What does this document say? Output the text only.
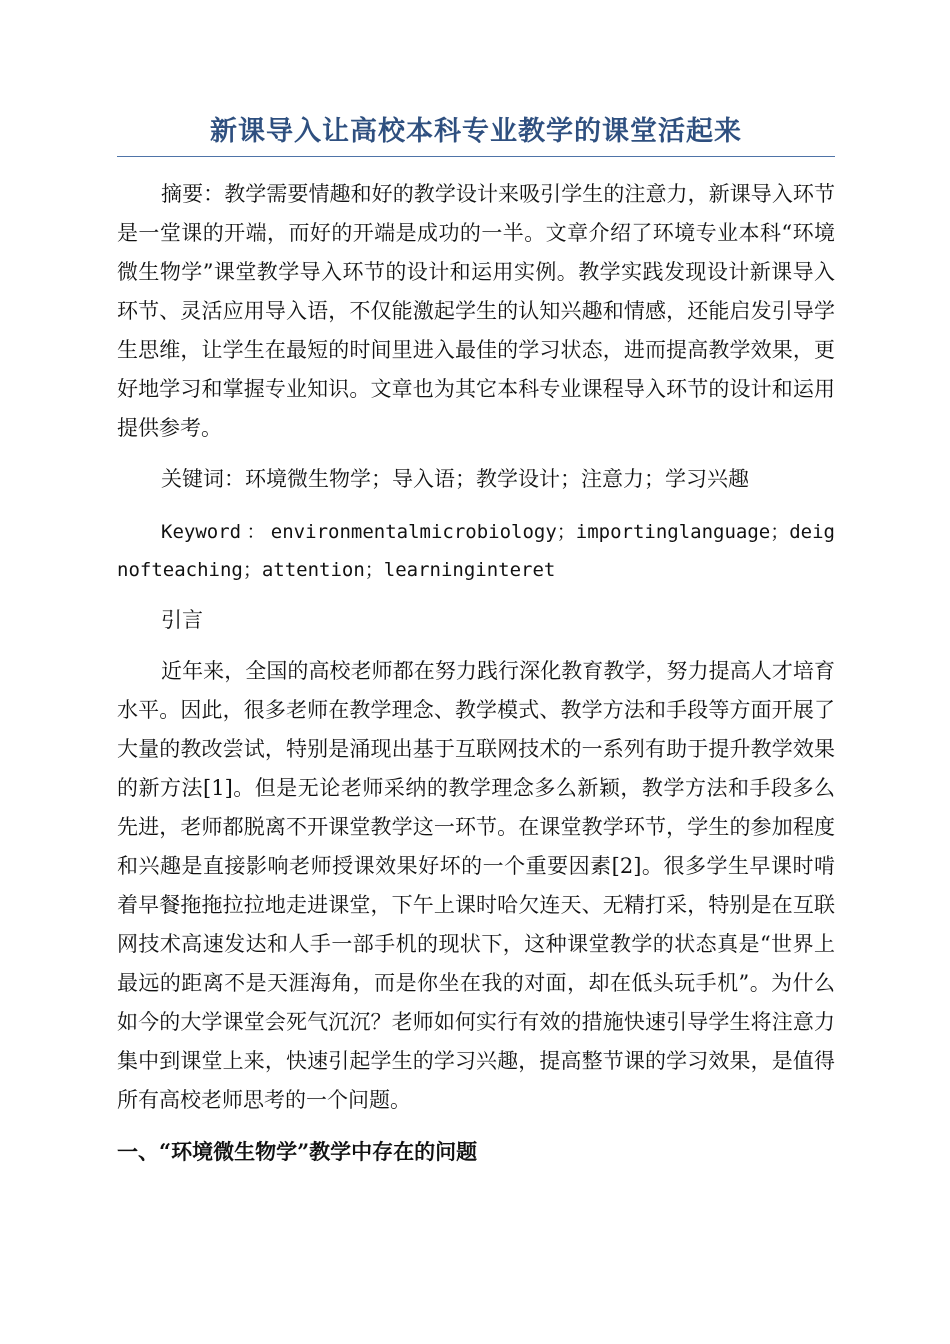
新课导入让高校本科专业教学的课堂活起来

摘要：教学需要情趣和好的教学设计来吸引学生的注意力，新课导入环节是一堂课的开端，而好的开端是成功的一半。文章介绍了环境专业本科“环境微生物学”课堂教学导入环节的设计和运用实例。教学实践发现设计新课导入环节、灵活应用导入语，不仅能激起学生的认知兴趣和情感，还能启发引导学生思维，让学生在最短的时间里进入最佳的学习状态，进而提高教学效果，更好地学习和掌握专业知识。文章也为其它本科专业课程导入环节的设计和运用提供参考。

关键词：环境微生物学；导入语；教学设计；注意力；学习兴趣

Keyword：environmentalmicrobiology；importinglanguage；deignofteaching；attention；learninginteret

引言

近年来，全国的高校老师都在努力践行深化教育教学，努力提高人才培育水平。因此，很多老师在教学理念、教学模式、教学方法和手段等方面开展了大量的教改尝试，特别是涌现出基于互联网技术的一系列有助于提升教学效果的新方法[1]。但是无论老师采纳的教学理念多么新颖，教学方法和手段多么先进，老师都脱离不开课堂教学这一环节。在课堂教学环节，学生的参加程度和兴趣是直接影响老师授课效果好坏的一个重要因素[2]。很多学生早课时啃着早餐拖拖拉拉地走进课堂，下午上课时哈欠连天、无精打采，特别是在互联网技术高速发达和人手一部手机的现状下，这种课堂教学的状态真是“世界上最远的距离不是天涯海角，而是你坐在我的对面，却在低头玩手机”。为什么如今的大学课堂会死气沉沉？老师如何实行有效的措施快速引导学生将注意力集中到课堂上来，快速引起学生的学习兴趣，提高整节课的学习效果，是值得所有高校老师思考的一个问题。

一、“环境微生物学”教学中存在的问题
